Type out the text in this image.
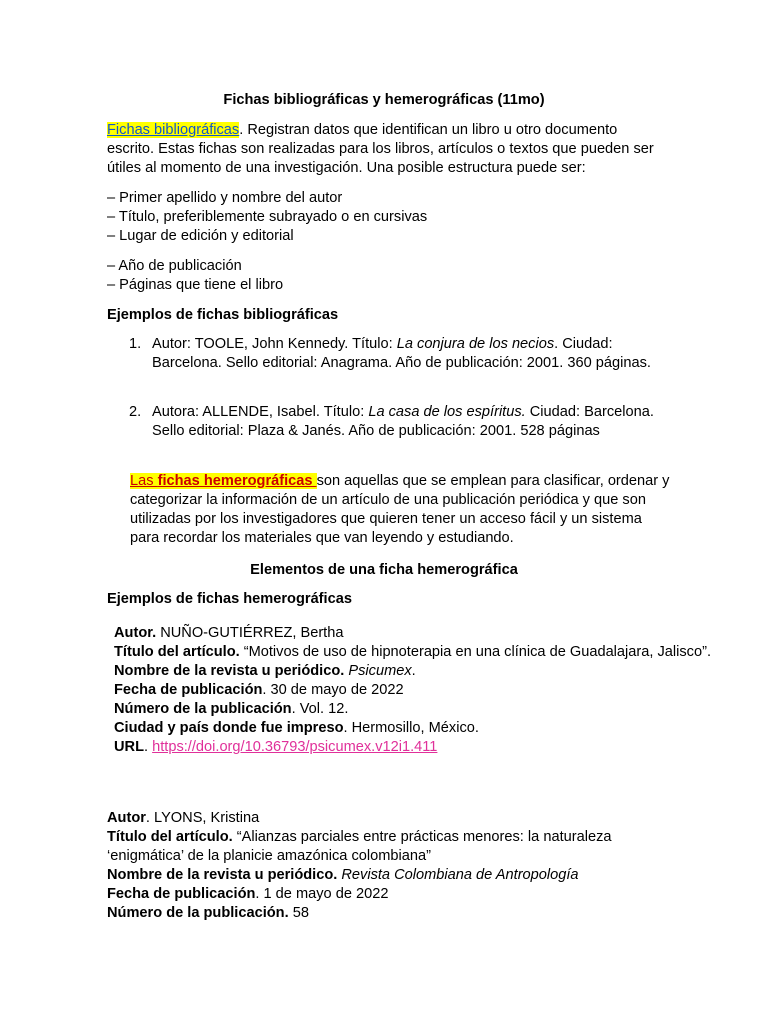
Fichas bibliográficas y hemerográficas (11mo)

Fichas bibliográficas. Registran datos que identifican un libro u otro documento escrito. Estas fichas son realizadas para los libros, artículos o textos que pueden ser útiles al momento de una investigación. Una posible estructura puede ser:

– Primer apellido y nombre del autor
– Título, preferiblemente subrayado o en cursivas
– Lugar de edición y editorial
– Año de publicación
– Páginas que tiene el libro
Ejemplos de fichas bibliográficas
1. Autor: TOOLE, John Kennedy. Título: La conjura de los necios. Ciudad: Barcelona. Sello editorial: Anagrama. Año de publicación: 2001. 360 páginas.
2. Autora: ALLENDE, Isabel. Título: La casa de los espíritus. Ciudad: Barcelona. Sello editorial: Plaza & Janés. Año de publicación: 2001. 528 páginas

Las fichas hemerográficas son aquellas que se emplean para clasificar, ordenar y categorizar la información de un artículo de una publicación periódica y que son utilizadas por los investigadores que quieren tener un acceso fácil y un sistema para recordar los materiales que van leyendo y estudiando.

Elementos de una ficha hemerográfica
Ejemplos de fichas hemerográficas
Autor. NUÑO-GUTIÉRREZ, Bertha
Título del artículo. “Motivos de uso de hipnoterapia en una clínica de Guadalajara, Jalisco”.
Nombre de la revista u periódico. Psicumex.
Fecha de publicación. 30 de mayo de 2022
Número de la publicación. Vol. 12.
Ciudad y país donde fue impreso. Hermosillo, México.
URL. https://doi.org/10.36793/psicumex.v12i1.411
Autor. LYONS, Kristina
Título del artículo. “Alianzas parciales entre prácticas menores: la naturaleza
‘enigmática’ de la planicie amazónica colombiana”
Nombre de la revista u periódico. Revista Colombiana de Antropología
Fecha de publicación. 1 de mayo de 2022
Número de la publicación. 58
